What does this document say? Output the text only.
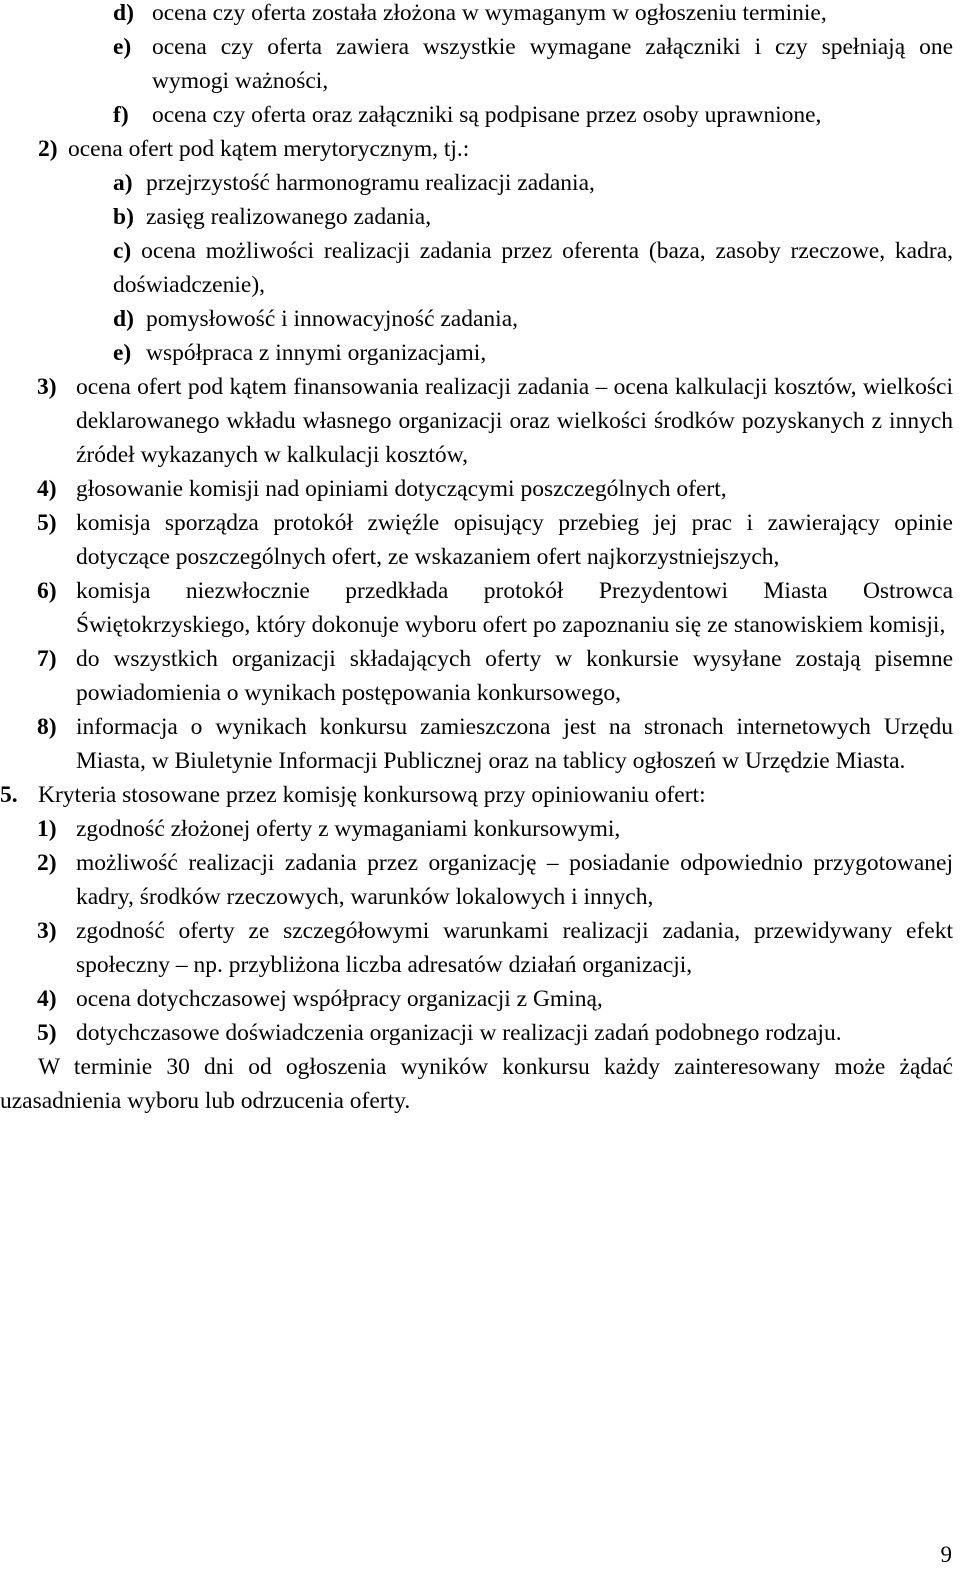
d) ocena czy oferta została złożona w wymaganym w ogłoszeniu terminie,

e) ocena czy oferta zawiera wszystkie wymagane załączniki i czy spełniają one wymogi ważności,

f) ocena czy oferta oraz załączniki są podpisane przez osoby uprawnione,

2) ocena ofert pod kątem merytorycznym, tj.:

a) przejrzystość harmonogramu realizacji zadania,

b) zasięg realizowanego zadania,

c) ocena możliwości realizacji zadania przez oferenta (baza, zasoby rzeczowe, kadra, doświadczenie),

d) pomysłowość i innowacyjność zadania,

e) współpraca z innymi organizacjami,

3) ocena ofert pod kątem finansowania realizacji zadania – ocena kalkulacji kosztów, wielkości deklarowanego wkładu własnego organizacji oraz wielkości środków pozyskanych z innych źródeł wykazanych w kalkulacji kosztów,

4) głosowanie komisji nad opiniami dotyczącymi poszczególnych ofert,

5) komisja sporządza protokół zwięźle opisujący przebieg jej prac i zawierający opinie dotyczące poszczególnych ofert, ze wskazaniem ofert najkorzystniejszych,

6) komisja niezwłocznie przedkłada protokół Prezydentowi Miasta Ostrowca Świętokrzyskiego, który dokonuje wyboru ofert po zapoznaniu się ze stanowiskiem komisji,

7) do wszystkich organizacji składających oferty w konkursie wysyłane zostają pisemne powiadomienia o wynikach postępowania konkursowego,

8) informacja o wynikach konkursu zamieszczona jest na stronach internetowych Urzędu Miasta, w Biuletynie Informacji Publicznej oraz na tablicy ogłoszeń w Urzędzie Miasta.

5. Kryteria stosowane przez komisję konkursową przy opiniowaniu ofert:

1) zgodność złożonej oferty z wymaganiami konkursowymi,

2) możliwość realizacji zadania przez organizację – posiadanie odpowiednio przygotowanej kadry, środków rzeczowych, warunków lokalowych i innych,

3) zgodność oferty ze szczegółowymi warunkami realizacji zadania, przewidywany efekt społeczny – np. przybliżona liczba adresatów działań organizacji,

4) ocena dotychczasowej współpracy organizacji z Gminą,

5) dotychczasowe doświadczenia organizacji w realizacji zadań podobnego rodzaju.

W terminie 30 dni od ogłoszenia wyników konkursu każdy zainteresowany może żądać uzasadnienia wyboru lub odrzucenia oferty.

9
